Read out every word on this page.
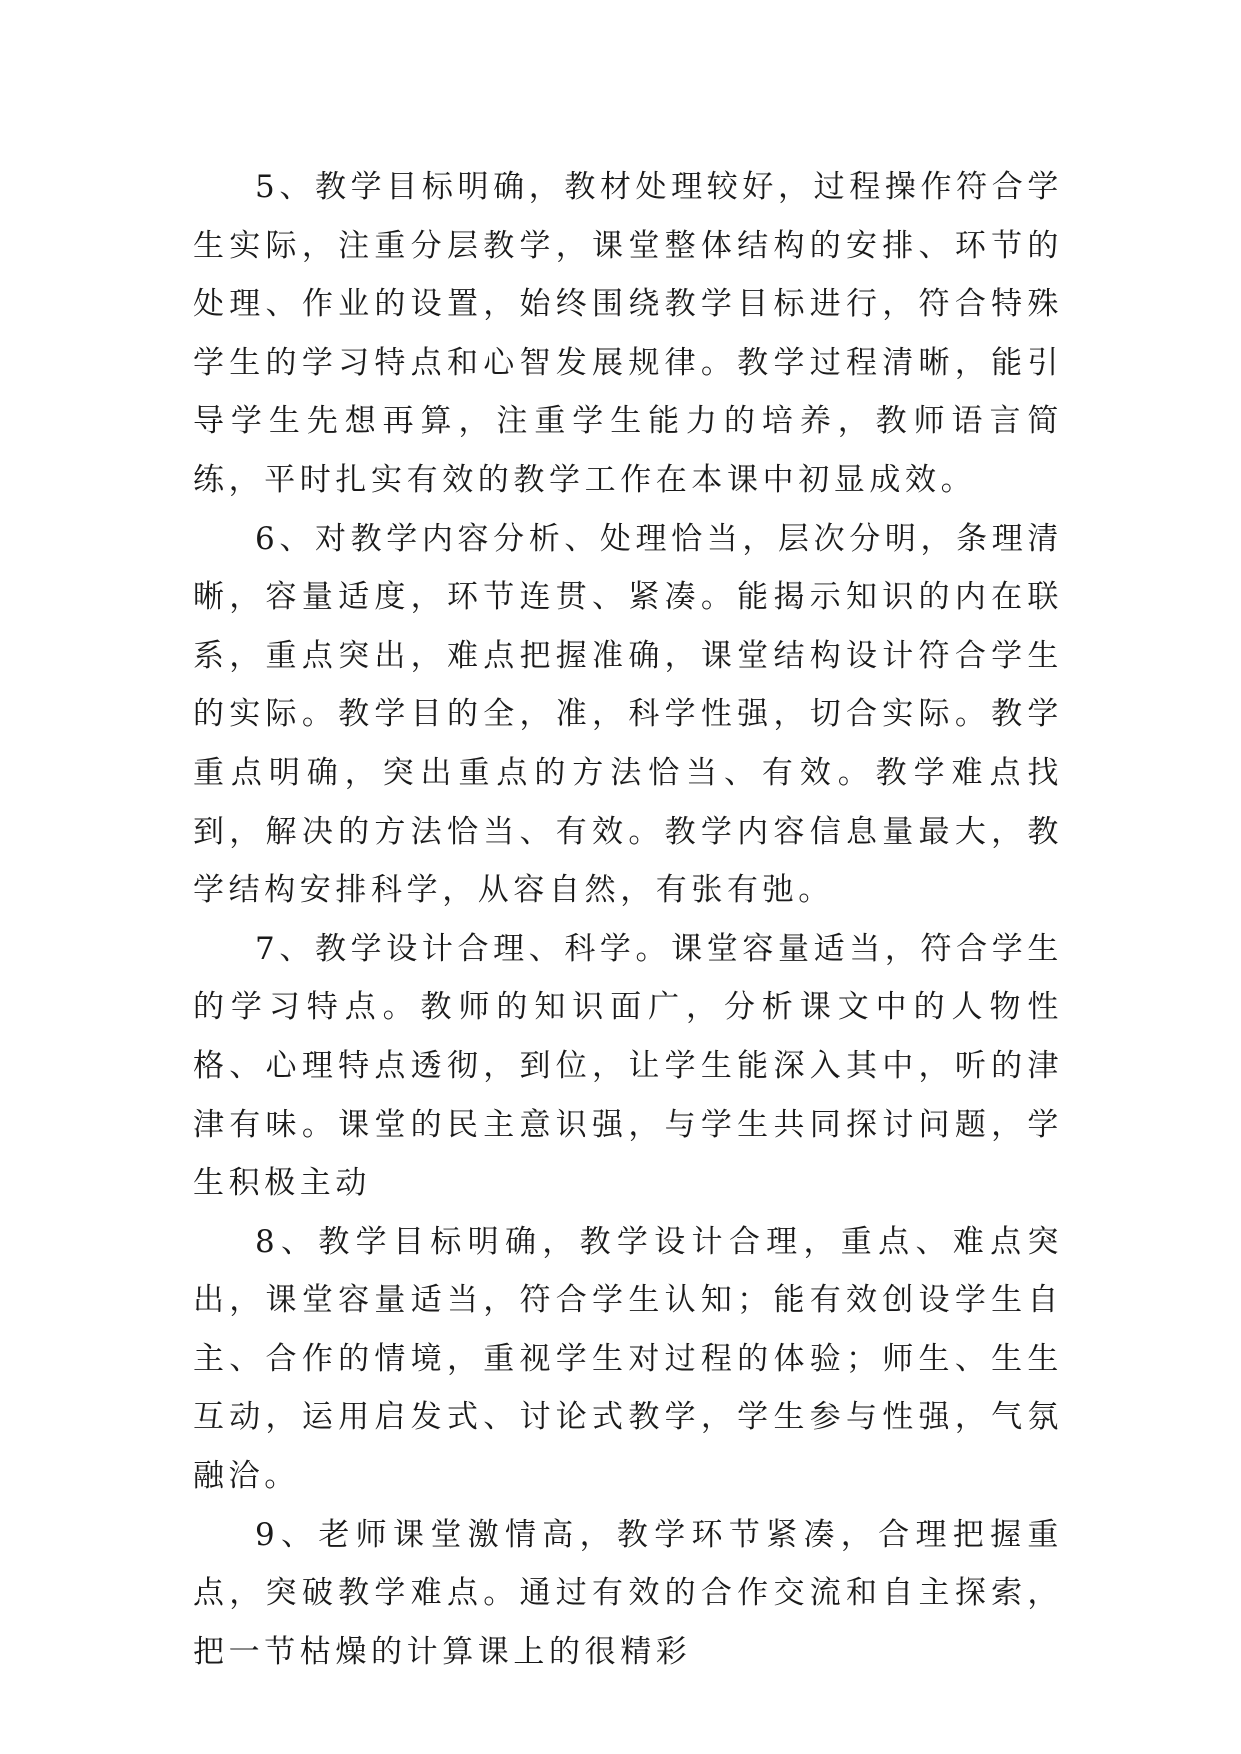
5、教学目标明确，教材处理较好，过程操作符合学生实际，注重分层教学，课堂整体结构的安排、环节的处理、作业的设置，始终围绕教学目标进行，符合特殊学生的学习特点和心智发展规律。教学过程清晰，能引导学生先想再算，注重学生能力的培养，教师语言简练，平时扎实有效的教学工作在本课中初显成效。

6、对教学内容分析、处理恰当，层次分明，条理清晰，容量适度，环节连贯、紧凑。能揭示知识的内在联系，重点突出，难点把握准确，课堂结构设计符合学生的实际。教学目的全，准，科学性强，切合实际。教学重点明确，突出重点的方法恰当、有效。教学难点找到，解决的方法恰当、有效。教学内容信息量最大，教学结构安排科学，从容自然，有张有弛。

7、教学设计合理、科学。课堂容量适当，符合学生的学习特点。教师的知识面广，分析课文中的人物性格、心理特点透彻，到位，让学生能深入其中，听的津津有味。课堂的民主意识强，与学生共同探讨问题，学生积极主动

8、教学目标明确，教学设计合理，重点、难点突出，课堂容量适当，符合学生认知；能有效创设学生自主、合作的情境，重视学生对过程的体验；师生、生生互动，运用启发式、讨论式教学，学生参与性强，气氛融洽。

9、老师课堂激情高，教学环节紧凑，合理把握重点，突破教学难点。通过有效的合作交流和自主探索，把一节枯燥的计算课上的很精彩
